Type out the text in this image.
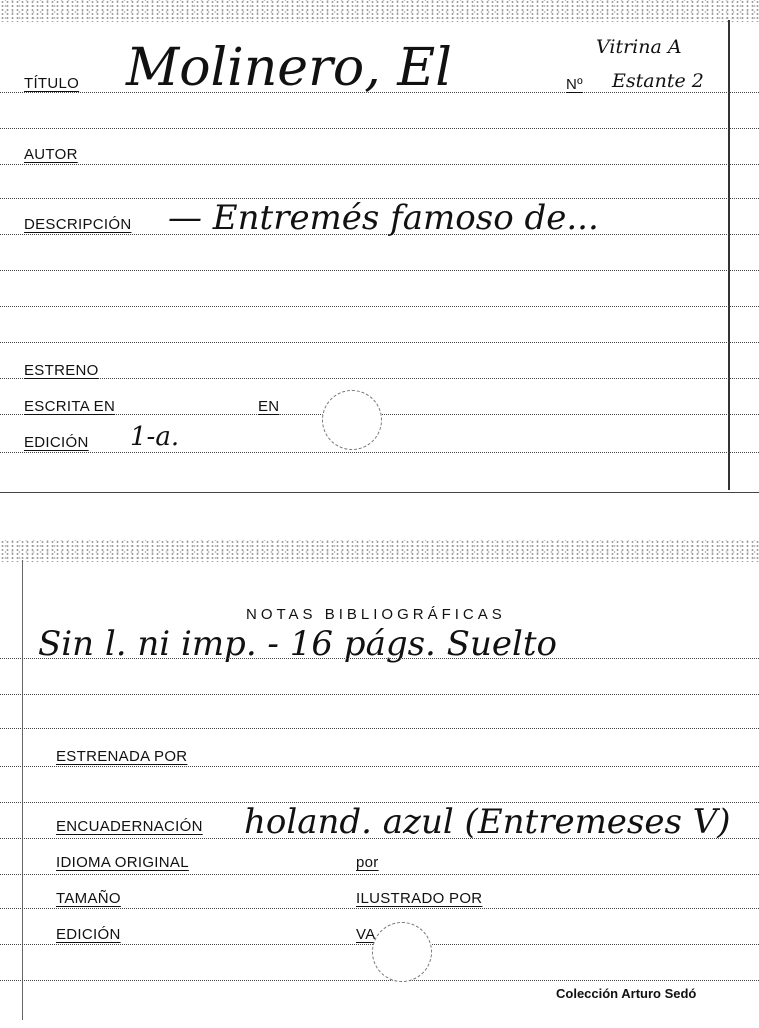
TÍTULO Molinero, El	Vitrina A
Nº Estante 2
AUTOR
DESCRIPCIÓN — Entremés famoso de...
ESTRENO
ESCRITA EN	EN
EDICIÓN 1-a.
NOTAS BIBLIOGRÁFICAS
Sin l. ni imp. - 16 págs. Suelto
ESTRENADA POR
ENCUADERNACIÓN holand. azul (Entremeses V)
IDIOMA ORIGINAL	por
TAMAÑO	ILUSTRADO POR
EDICIÓN	VA
Colección Arturo Sedó
